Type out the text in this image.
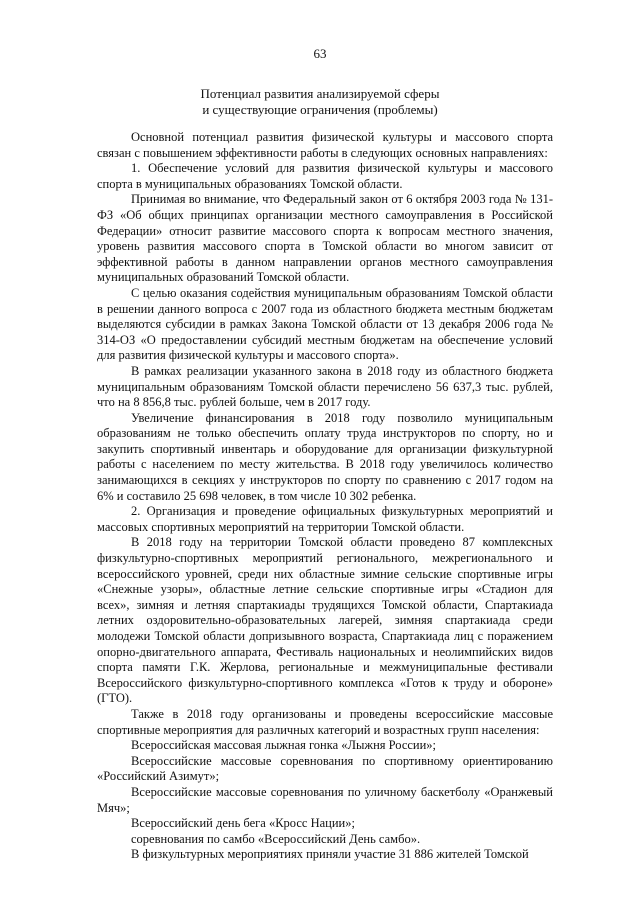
63
Потенциал развития анализируемой сферы
и существующие ограничения (проблемы)

Основной потенциал развития физической культуры и массового спорта связан с повышением эффективности работы в следующих основных направлениях:

1. Обеспечение условий для развития физической культуры и массового спорта в муниципальных образованиях Томской области.

Принимая во внимание, что Федеральный закон от 6 октября 2003 года № 131-ФЗ «Об общих принципах организации местного самоуправления в Российской Федерации» относит развитие массового спорта к вопросам местного значения, уровень развития массового спорта в Томской области во многом зависит от эффективной работы в данном направлении органов местного самоуправления муниципальных образований Томской области.

С целью оказания содействия муниципальным образованиям Томской области в решении данного вопроса с 2007 года из областного бюджета местным бюджетам выделяются субсидии в рамках Закона Томской области от 13 декабря 2006 года № 314-ОЗ «О предоставлении субсидий местным бюджетам на обеспечение условий для развития физической культуры и массового спорта».

В рамках реализации указанного закона в 2018 году из областного бюджета муниципальным образованиям Томской области перечислено 56 637,3 тыс. рублей, что на 8 856,8 тыс. рублей больше, чем в 2017 году.

Увеличение финансирования в 2018 году позволило муниципальным образованиям не только обеспечить оплату труда инструкторов по спорту, но и закупить спортивный инвентарь и оборудование для организации физкультурной работы с населением по месту жительства. В 2018 году увеличилось количество занимающихся в секциях у инструкторов по спорту по сравнению с 2017 годом на 6% и составило 25 698 человек, в том числе 10 302 ребенка.

2. Организация и проведение официальных физкультурных мероприятий и массовых спортивных мероприятий на территории Томской области.

В 2018 году на территории Томской области проведено 87 комплексных физкультурно-спортивных мероприятий регионального, межрегионального и всероссийского уровней, среди них областные зимние сельские спортивные игры «Снежные узоры», областные летние сельские спортивные игры «Стадион для всех», зимняя и летняя спартакиады трудящихся Томской области, Спартакиада летних оздоровительно-образовательных лагерей, зимняя спартакиада среди молодежи Томской области допризывного возраста, Спартакиада лиц с поражением опорно-двигательного аппарата, Фестиваль национальных и неолимпийских видов спорта памяти Г.К. Жерлова, региональные и межмуниципальные фестивали Всероссийского физкультурно-спортивного комплекса «Готов к труду и обороне» (ГТО).

Также в 2018 году организованы и проведены всероссийские массовые спортивные мероприятия для различных категорий и возрастных групп населения:

Всероссийская массовая лыжная гонка «Лыжня России»;

Всероссийские массовые соревнования по спортивному ориентированию «Российский Азимут»;

Всероссийские массовые соревнования по уличному баскетболу «Оранжевый Мяч»;

Всероссийский день бега «Кросс Нации»;

соревнования по самбо «Всероссийский День самбо».

В физкультурных мероприятиях приняли участие 31 886 жителей Томской
